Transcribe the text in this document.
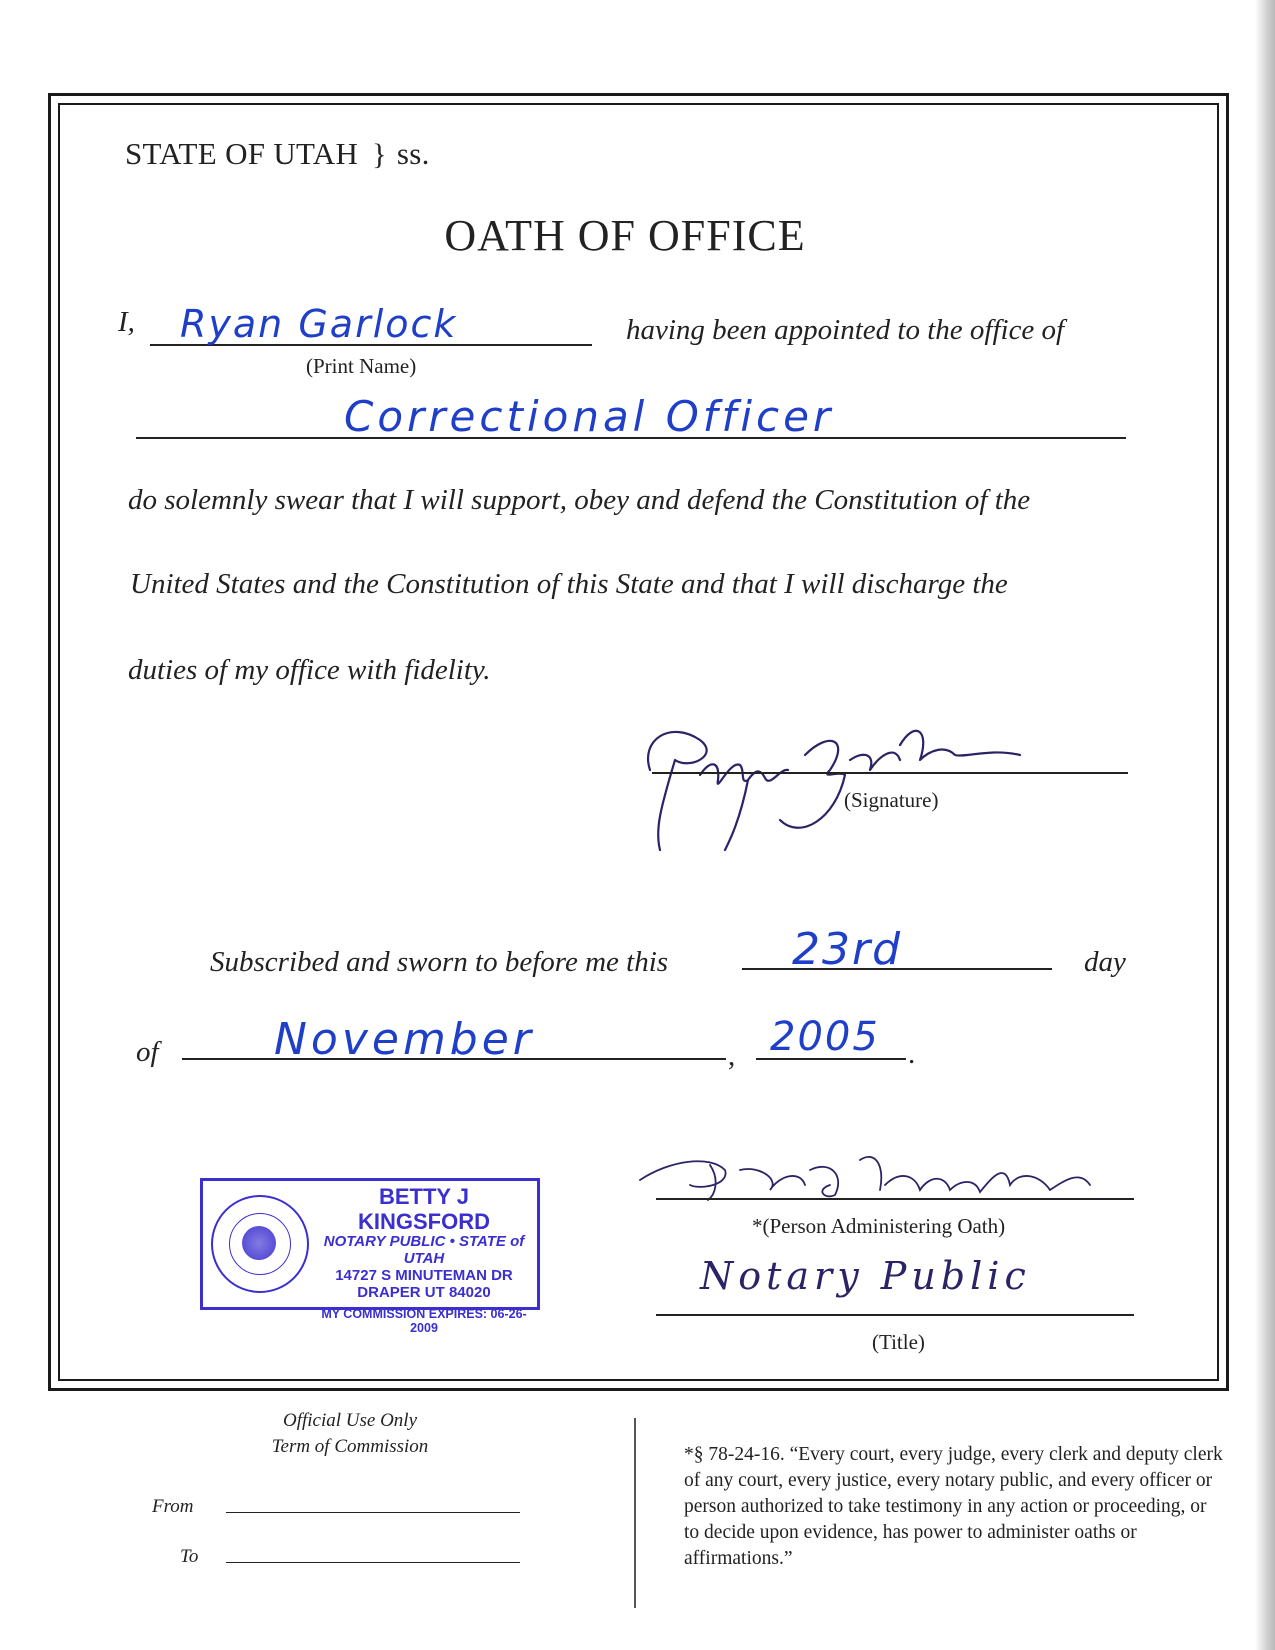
STATE OF UTAH } ss.
OATH OF OFFICE
I, Ryan Garlock
(Print Name)
having been appointed to the office of
Correctional Officer
do solemnly swear that I will support, obey and defend the Constitution of the
United States and the Constitution of this State and that I will discharge the
duties of my office with fidelity.
(Signature)
Subscribed and sworn to before me this	23rd	day
of	November	, 2005 .
BETTY J KINGSFORD
NOTARY PUBLIC • STATE of UTAH
14727 S MINUTEMAN DR
DRAPER UT 84020
MY COMMISSION EXPIRES: 06-26-2009
*(Person Administering Oath)
Notary Public
(Title)
Official Use Only
Term of Commission
From
To
*§ 78-24-16. “Every court, every judge, every clerk and deputy clerk of any court, every justice, every notary public, and every officer or person authorized to take testimony in any action or proceeding, or to decide upon evidence, has power to administer oaths or affirmations.”
